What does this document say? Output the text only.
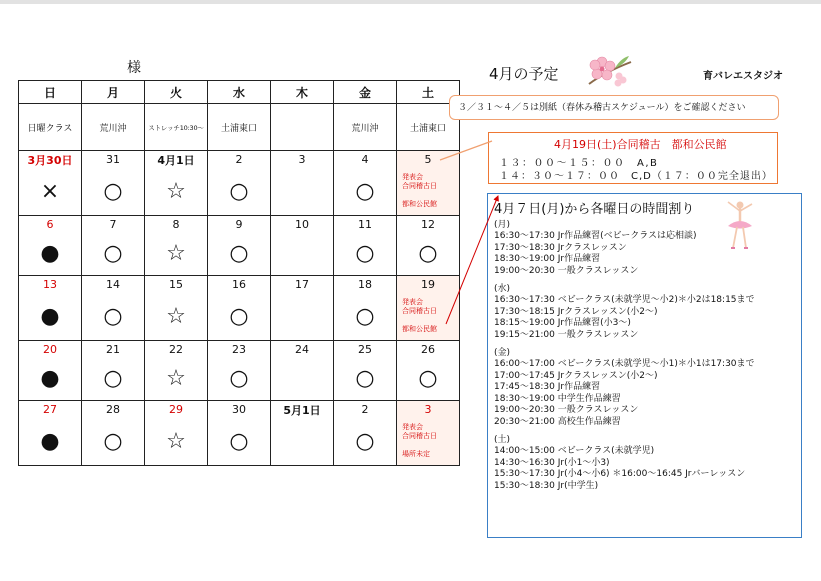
様
日	月	火	水	木	金	土
日曜クラス	荒川沖	ストレッチ10:30～	土浦東口		荒川沖	土浦東口
3月30日	31	4月1日	2	3	4	5
×	○	☆	○		○	発表会
合同稽古日
都和公民館

6	7	8	9	10	11	12
●	○	☆	○		○	○
13	14	15	16	17	18	19
●	○	☆	○		○	発表会
合同稽古日
都和公民館

20	21	22	23	24	25	26
●	○	☆	○		○	○
27	28	29	30	5月1日	2	3
●	○	☆	○		○	発表会
合同稽古日
場所未定
4月の予定	育バレエスタジオ
３／３１～４／５は別紙（春休み稽古スケジュール）をご確認ください
4月19日(土)合同稽古　都和公民館
１３：００～１５：００　A,B
１４：３０～１７：００　C,D（１７：００完全退出）
4月７日(月)から各曜日の時間割り
(月)
16:30～17:30 Jr作品練習(ベビークラスは応相談)
17:30～18:30 Jrクラスレッスン
18:30～19:00 Jr作品練習
19:00～20:30 一般クラスレッスン
(水)
16:30～17:30 ベビークラス(未就学児～小2)＊小2は18:15まで
17:30～18:15 Jrクラスレッスン(小2～)
18:15～19:00 Jr作品練習(小3～)
19:15～21:00 一般クラスレッスン
(金)
16:00～17:00 ベビークラス(未就学児～小1)＊小1は17:30まで
17:00～17:45 Jrクラスレッスン(小2～)
17:45～18:30 Jr作品練習
18:30～19:00 中学生作品練習
19:00～20:30 一般クラスレッスン
20:30～21:00 高校生作品練習
(土)
14:00～15:00 ベビークラス(未就学児)
14:30～16:30 Jr(小1～小3)
15:30～17:30 Jr(小4～小6) ＊16:00～16:45 Jrバーレッスン
15:30～18:30 Jr(中学生)
